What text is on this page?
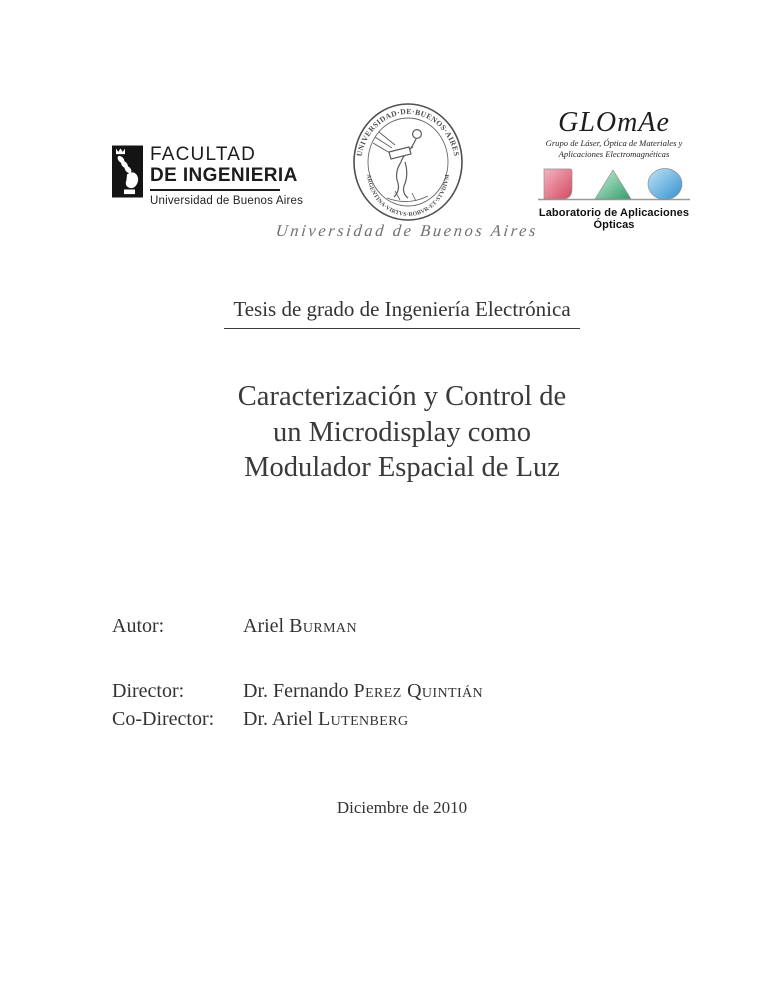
FACULTAD
DE INGENIERIA
Universidad de Buenos Aires
UNIVERSIDAD·DE·BUENOS·AIRES
ARGENTINA·VIRTVS·ROBVR·ET·STVDIVM
Universidad de Buenos Aires
GLOmAe
Grupo de Láser, Óptica de Materiales y
Aplicaciones Electromagnéticas
Laboratorio de Aplicaciones Ópticas
Tesis de grado de Ingeniería Electrónica
Caracterización y Control de
un Microdisplay como
Modulador Espacial de Luz
Autor:	Ariel Burman
Director:	Dr. Fernando Perez Quintián
Co-Director:	Dr. Ariel Lutenberg
Diciembre de 2010
